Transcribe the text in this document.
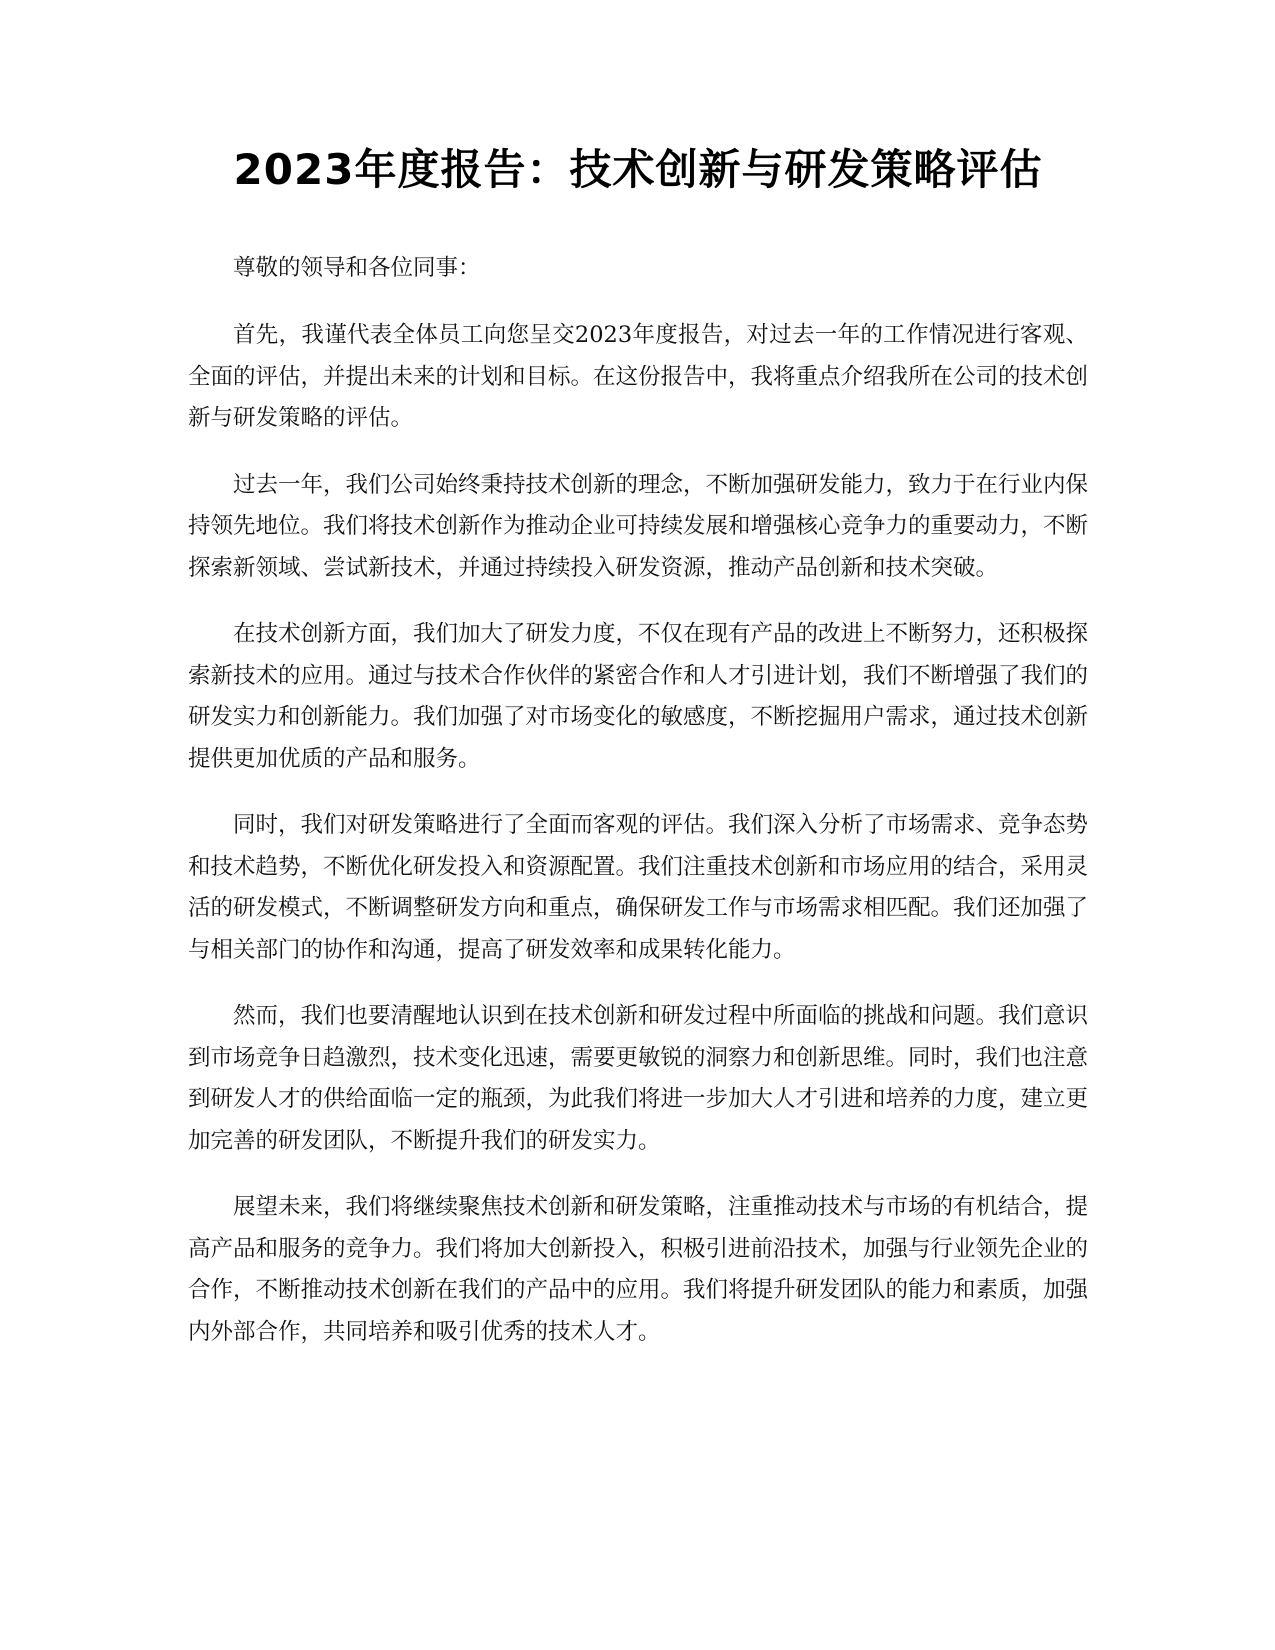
2023年度报告：技术创新与研发策略评估

尊敬的领导和各位同事：

首先，我谨代表全体员工向您呈交2023年度报告，对过去一年的工作情况进行客观、全面的评估，并提出未来的计划和目标。在这份报告中，我将重点介绍我所在公司的技术创新与研发策略的评估。

过去一年，我们公司始终秉持技术创新的理念，不断加强研发能力，致力于在行业内保持领先地位。我们将技术创新作为推动企业可持续发展和增强核心竞争力的重要动力，不断探索新领域、尝试新技术，并通过持续投入研发资源，推动产品创新和技术突破。

在技术创新方面，我们加大了研发力度，不仅在现有产品的改进上不断努力，还积极探索新技术的应用。通过与技术合作伙伴的紧密合作和人才引进计划，我们不断增强了我们的研发实力和创新能力。我们加强了对市场变化的敏感度，不断挖掘用户需求，通过技术创新提供更加优质的产品和服务。

同时，我们对研发策略进行了全面而客观的评估。我们深入分析了市场需求、竞争态势和技术趋势，不断优化研发投入和资源配置。我们注重技术创新和市场应用的结合，采用灵活的研发模式，不断调整研发方向和重点，确保研发工作与市场需求相匹配。我们还加强了与相关部门的协作和沟通，提高了研发效率和成果转化能力。

然而，我们也要清醒地认识到在技术创新和研发过程中所面临的挑战和问题。我们意识到市场竞争日趋激烈，技术变化迅速，需要更敏锐的洞察力和创新思维。同时，我们也注意到研发人才的供给面临一定的瓶颈，为此我们将进一步加大人才引进和培养的力度，建立更加完善的研发团队，不断提升我们的研发实力。

展望未来，我们将继续聚焦技术创新和研发策略，注重推动技术与市场的有机结合，提高产品和服务的竞争力。我们将加大创新投入，积极引进前沿技术，加强与行业领先企业的合作，不断推动技术创新在我们的产品中的应用。我们将提升研发团队的能力和素质，加强内外部合作，共同培养和吸引优秀的技术人才。
